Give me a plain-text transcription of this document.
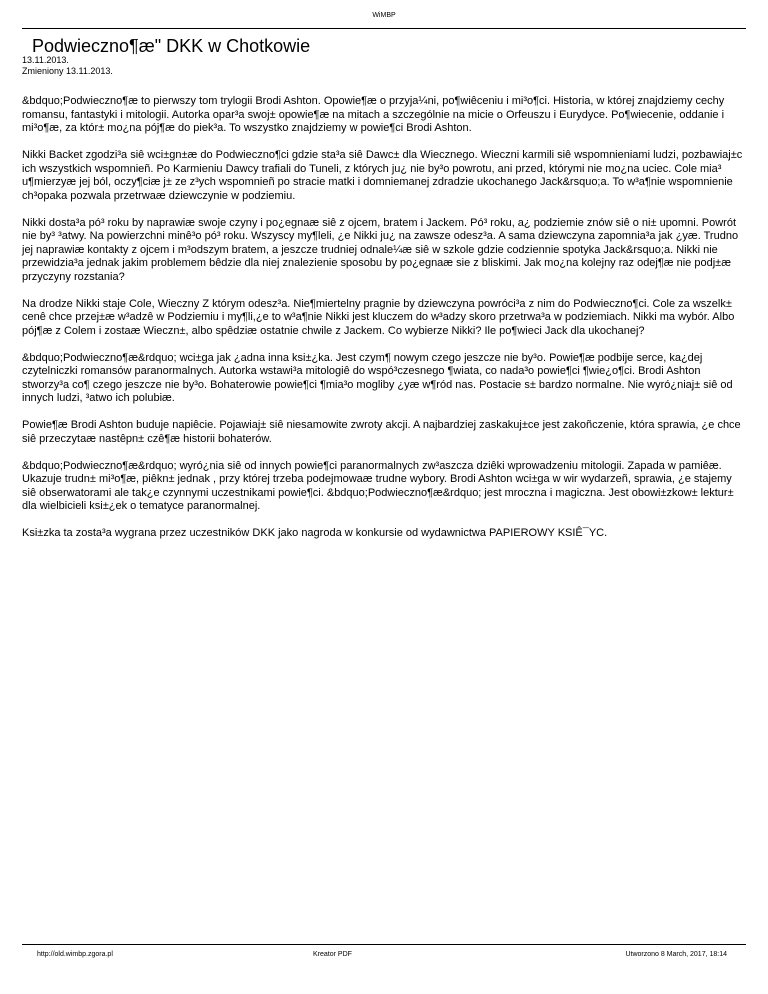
WiMBP
Podwieczno¶æ" DKK w Chotkowie
13.11.2013.
Zmieniony 13.11.2013.

&bdquo;Podwieczno¶æ to pierwszy tom trylogii Brodi Ashton. Opowie¶æ o przyja¼ni, po¶wiêceniu i mi³o¶ci. Historia, w której znajdziemy cechy romansu, fantastyki i mitologii. Autorka opar³a swoj± opowie¶æ na mitach a szczególnie na micie o Orfeuszu i Eurydyce. Po¶wiecenie, oddanie i mi³o¶æ, za któr± mo¿na pój¶æ do piek³a. To wszystko znajdziemy w powie¶ci Brodi Ashton.

Nikki Backet zgodzi³a siê wci±gn±æ do Podwieczno¶ci gdzie sta³a siê Dawc± dla Wiecznego. Wieczni karmili siê wspomnieniami ludzi, pozbawiaj±c ich wszystkich wspomnieñ. Po Karmieniu Dawcy trafiali do Tuneli, z których ju¿ nie by³o powrotu, ani przed, którymi nie mo¿na uciec. Cole mia³ u¶mierzyæ jej ból, oczy¶ciæ j± ze z³ych wspomnieñ po stracie matki i domniemanej zdradzie ukochanego Jack&rsquo;a. To w³a¶nie wspomnienie ch³opaka pozwala przetrwaæ dziewczynie w podziemiu.

Nikki dosta³a pó³ roku by naprawiæ swoje czyny i po¿egnaæ siê z ojcem, bratem i Jackem. Pó³ roku, a¿ podziemie znów siê o ni± upomni. Powrót nie by³ ³atwy. Na powierzchni minê³o pó³ roku. Wszyscy my¶leli, ¿e Nikki ju¿ na zawsze odesz³a. A sama dziewczyna zapomnia³a jak ¿yæ. Trudno jej naprawiæ kontakty z ojcem i m³odszym bratem, a jeszcze trudniej odnale¼æ siê w szkole gdzie codziennie spotyka Jack&rsquo;a. Nikki nie przewidzia³a jednak jakim problemem bêdzie dla niej znalezienie sposobu by po¿egnaæ sie z bliskimi. Jak mo¿na kolejny raz odej¶æ nie podj±æ przyczyny rozstania?

Na drodze Nikki staje Cole, Wieczny Z którym odesz³a. Nie¶miertelny pragnie by dziewczyna powróci³a z nim do Podwieczno¶ci. Cole za wszelk± cenê chce przej±æ w³adzê w Podziemiu i my¶li,¿e to w³a¶nie Nikki jest kluczem do w³adzy skoro przetrwa³a w podziemiach. Nikki ma wybór. Albo pój¶æ z Colem i zostaæ Wieczn±, albo spêdziæ ostatnie chwile z Jackem. Co wybierze Nikki? Ile po¶wieci Jack dla ukochanej?

&bdquo;Podwieczno¶æ&rdquo; wci±ga jak ¿adna inna ksi±¿ka. Jest czym¶ nowym czego jeszcze nie by³o. Powie¶æ podbije serce, ka¿dej czytelniczki romansów paranormalnych. Autorka wstawi³a mitologiê do wspó³czesnego ¶wiata, co nada³o powie¶ci ¶wie¿o¶ci. Brodi Ashton stworzy³a co¶ czego jeszcze nie by³o. Bohaterowie powie¶ci ¶mia³o mogliby ¿yæ w¶ród nas. Postacie s± bardzo normalne. Nie wyró¿niaj± siê od innych ludzi, ³atwo ich polubiæ.

Powie¶æ Brodi Ashton buduje napiêcie. Pojawiaj± siê niesamowite zwroty akcji. A najbardziej zaskakuj±ce jest zakoñczenie, która sprawia, ¿e chce siê przeczytaæ nastêpn± czê¶æ historii bohaterów.

&bdquo;Podwieczno¶æ&rdquo; wyró¿nia siê od innych powie¶ci paranormalnych zw³aszcza dziêki wprowadzeniu mitologii. Zapada w pamiêæ. Ukazuje trudn± mi³o¶æ, piêkn± jednak , przy której trzeba podejmowaæ trudne wybory. Brodi Ashton wci±ga w wir wydarzeñ, sprawia, ¿e stajemy siê obserwatorami ale tak¿e czynnymi uczestnikami powie¶ci. &bdquo;Podwieczno¶æ&rdquo; jest mroczna i magiczna. Jest obowi±zkow± lektur± dla wielbicieli ksi±¿ek o tematyce paranormalnej.

Ksi±zka ta zosta³a wygrana przez uczestników DKK jako nagroda w konkursie od wydawnictwa PAPIEROWY KSIÊ¯YC.

http://old.wimbp.zgora.pl	Kreator PDF	Utworzono 8 March, 2017, 18:14
